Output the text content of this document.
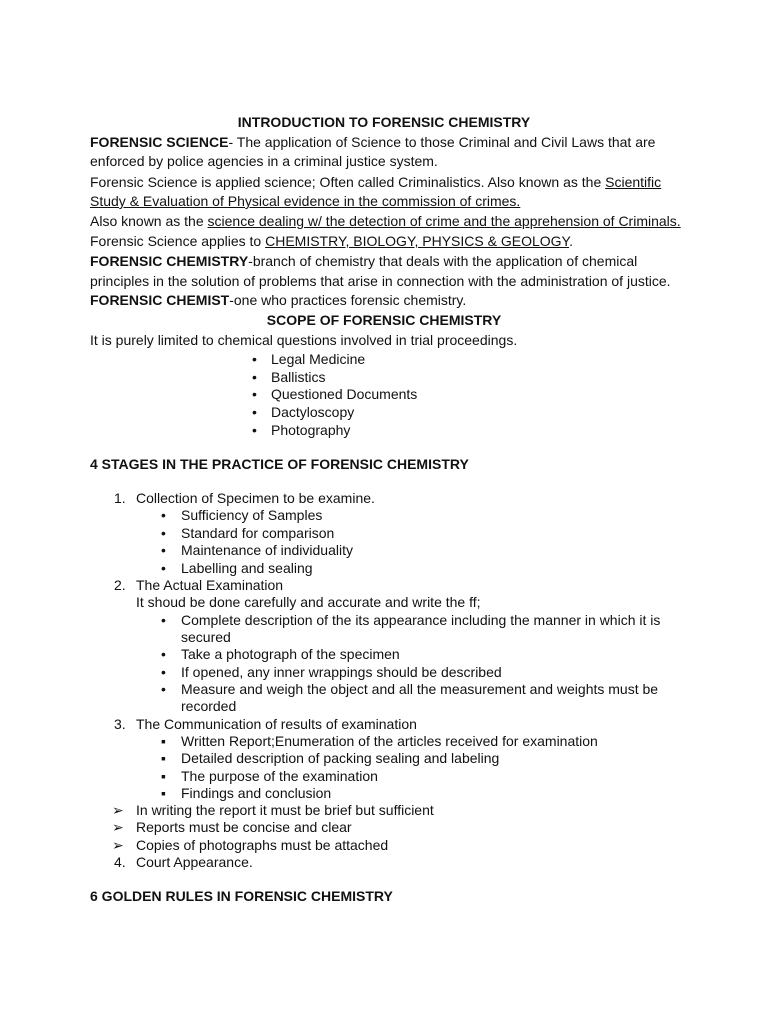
INTRODUCTION TO FORENSIC CHEMISTRY
FORENSIC SCIENCE- The application of Science to those Criminal and Civil Laws that are
enforced by police agencies in a criminal justice system.
Forensic Science is applied science; Often called Criminalistics. Also known as the Scientific
Study & Evaluation of Physical evidence in the commission of crimes.
Also known as the science dealing w/ the detection of crime and the apprehension of Criminals.
Forensic Science applies to CHEMISTRY, BIOLOGY, PHYSICS & GEOLOGY.
FORENSIC CHEMISTRY-branch of chemistry that deals with the application of chemical
principles in the solution of problems that arise in connection with the administration of justice.
FORENSIC CHEMIST-one who practices forensic chemistry.
SCOPE OF FORENSIC CHEMISTRY
It is purely limited to chemical questions involved in trial proceedings.
• Legal Medicine
• Ballistics
• Questioned Documents
• Dactyloscopy
• Photography
4 STAGES IN THE PRACTICE OF FORENSIC CHEMISTRY
1. Collection of Specimen to be examine.
• Sufficiency of Samples
• Standard for comparison
• Maintenance of individuality
• Labelling and sealing
2. The Actual Examination
It shoud be done carefully and accurate and write the ff;
• Complete description of the its appearance including the manner in which it is
secured
• Take a photograph of the specimen
• If opened, any inner wrappings should be described
• Measure and weigh the object and all the measurement and weights must be
recorded
3. The Communication of results of examination
▪ Written Report;Enumeration of the articles received for examination
▪ Detailed description of packing sealing and labeling
▪ The purpose of the examination
▪ Findings and conclusion
➢ In writing the report it must be brief but sufficient
➢ Reports must be concise and clear
➢ Copies of photographs must be attached
4. Court Appearance.
6 GOLDEN RULES IN FORENSIC CHEMISTRY
